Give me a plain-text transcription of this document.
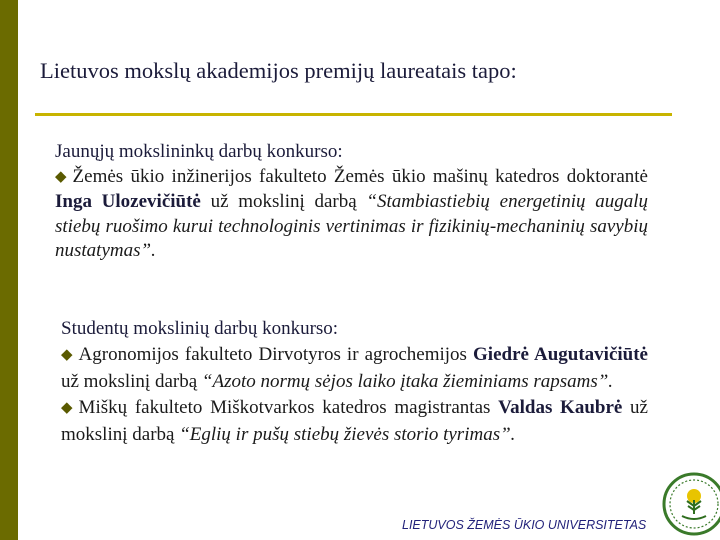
Lietuvos mokslų akademijos premijų laureatais tapo:

Jaunųjų mokslininkų darbų konkurso:
◆ Žemės ūkio inžinerijos fakulteto Žemės ūkio mašinų katedros doktorantė Inga Ulozevičiūtė už mokslinį darbą “Stambiastiebių energetinių augalų stiebų ruošimo kurui technologinis vertinimas ir fizikinių-mechaninių savybių nustatymas”.

Studentų mokslinių darbų konkurso:
◆ Agronomijos fakulteto Dirvotyros ir agrochemijos Giedrė Augutavičiūtė už mokslinį darbą “Azoto normų sėjos laiko įtaka žieminiams rapsams”.
◆ Miškų fakulteto Miškotvarkos katedros magistrantas Valdas Kaubrė už mokslinį darbą “Eglių ir pušų stiebų žievės storio tyrimas”.

LIETUVOS ŽEMĖS ŪKIO UNIVERSITETAS
